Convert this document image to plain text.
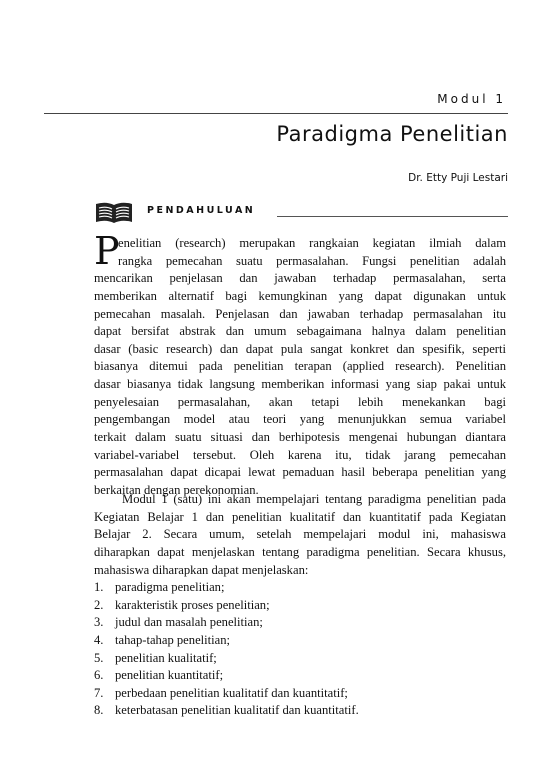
Modul 1
Paradigma Penelitian
Dr. Etty Puji Lestari
PENDAHULUAN
P
enelitian (research) merupakan rangkaian kegiatan ilmiah dalam
rangka pemecahan suatu permasalahan. Fungsi penelitian adalah
mencarikan penjelasan dan jawaban terhadap permasalahan, serta
memberikan alternatif bagi kemungkinan yang dapat digunakan untuk
pemecahan masalah. Penjelasan dan jawaban terhadap permasalahan itu
dapat bersifat abstrak dan umum sebagaimana halnya dalam penelitian
dasar (basic research) dan dapat pula sangat konkret dan spesifik, seperti
biasanya ditemui pada penelitian terapan (applied research). Penelitian
dasar biasanya tidak langsung memberikan informasi yang siap pakai untuk
penyelesaian permasalahan, akan tetapi lebih menekankan bagi
pengembangan model atau teori yang menunjukkan semua variabel
terkait dalam suatu situasi dan berhipotesis mengenai hubungan diantara
variabel-variabel tersebut. Oleh karena itu, tidak jarang pemecahan
permasalahan dapat dicapai lewat pemaduan hasil beberapa penelitian yang
berkaitan dengan perekonomian.
Modul 1 (satu) ini akan mempelajari tentang paradigma penelitian pada
Kegiatan Belajar 1 dan penelitian kualitatif dan kuantitatif pada Kegiatan
Belajar 2. Secara umum, setelah mempelajari modul ini, mahasiswa
diharapkan dapat menjelaskan tentang paradigma penelitian. Secara khusus,
mahasiswa diharapkan dapat menjelaskan:
1. paradigma penelitian;
2. karakteristik proses penelitian;
3. judul dan masalah penelitian;
4. tahap-tahap penelitian;
5. penelitian kualitatif;
6. penelitian kuantitatif;
7. perbedaan penelitian kualitatif dan kuantitatif;
8. keterbatasan penelitian kualitatif dan kuantitatif.
